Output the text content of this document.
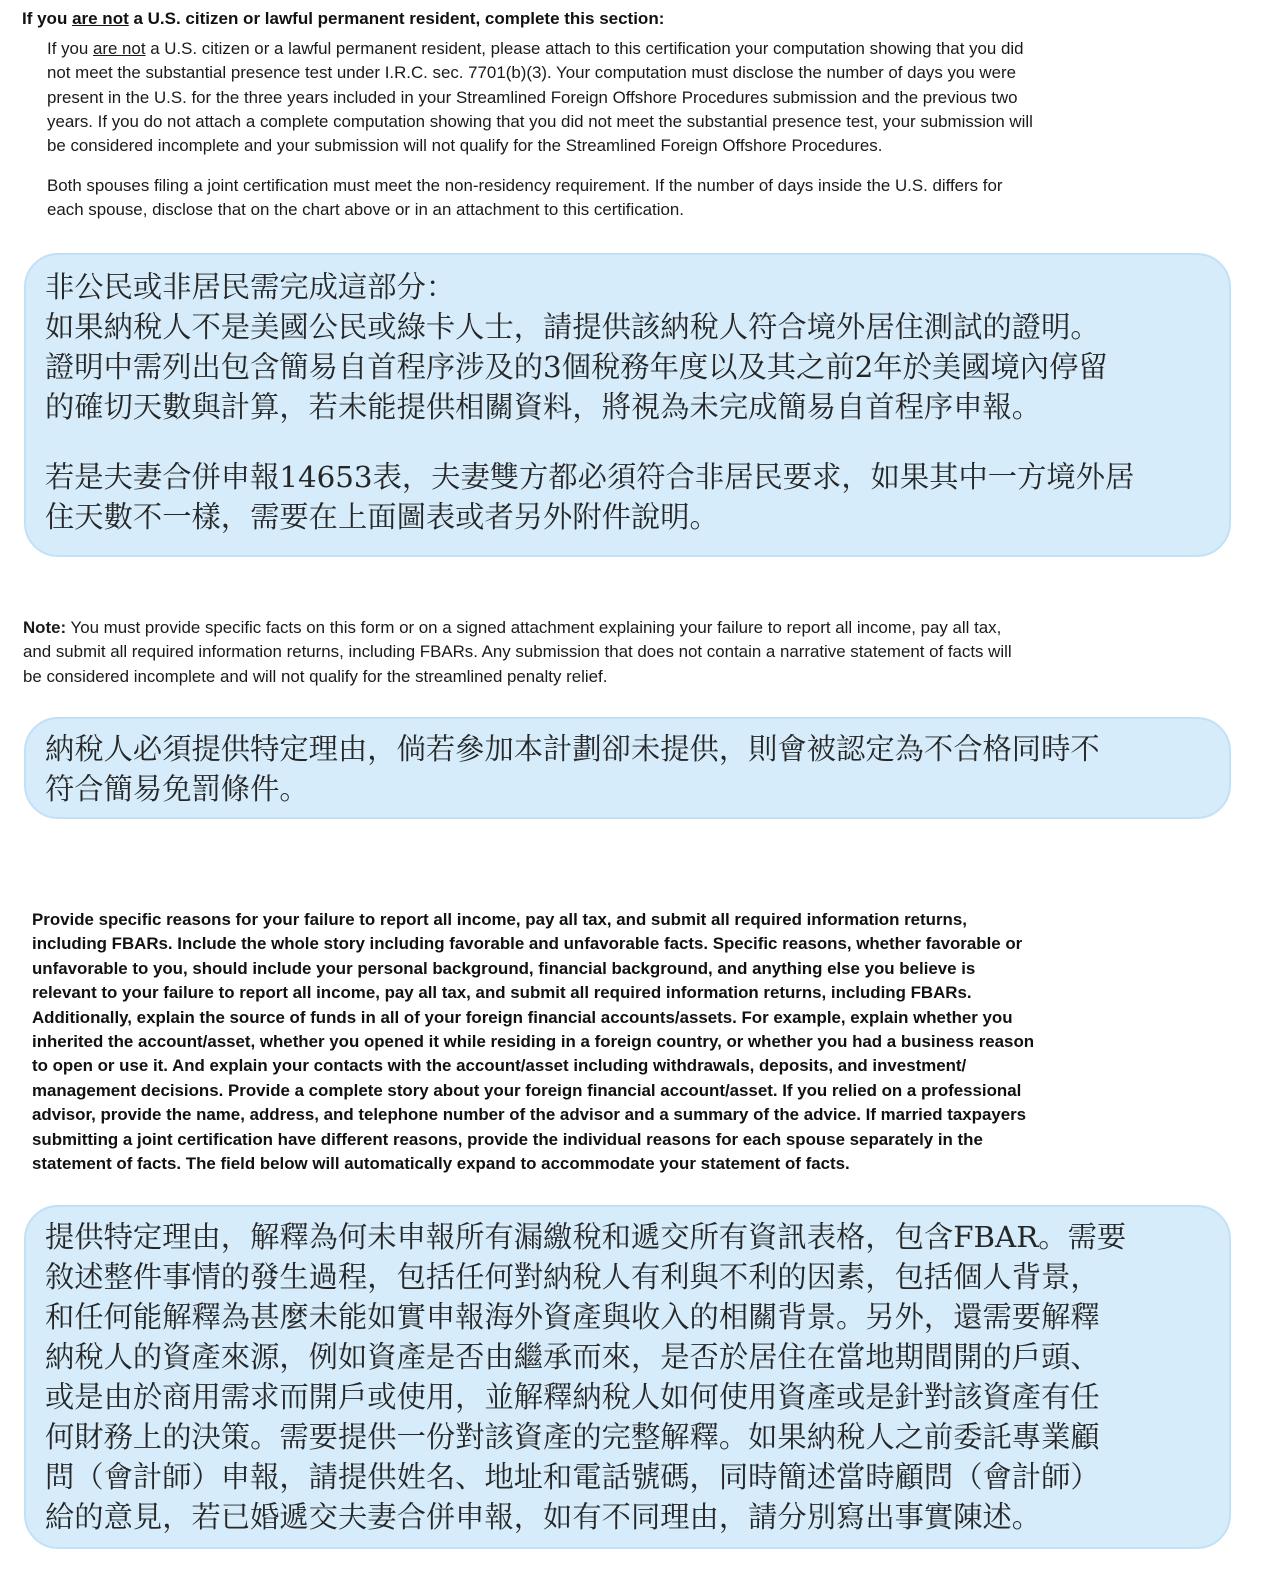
If you are not a U.S. citizen or lawful permanent resident, complete this section:
If you are not a U.S. citizen or a lawful permanent resident, please attach to this certification your computation showing that you did
not meet the substantial presence test under I.R.C. sec. 7701(b)(3). Your computation must disclose the number of days you were
present in the U.S. for the three years included in your Streamlined Foreign Offshore Procedures submission and the previous two
years. If you do not attach a complete computation showing that you did not meet the substantial presence test, your submission will
be considered incomplete and your submission will not qualify for the Streamlined Foreign Offshore Procedures.
Both spouses filing a joint certification must meet the non-residency requirement. If the number of days inside the U.S. differs for
each spouse, disclose that on the chart above or in an attachment to this certification.
非公民或非居民需完成這部分：
如果納稅人不是美國公民或綠卡人士，請提供該納稅人符合境外居住測試的證明。
證明中需列出包含簡易自首程序涉及的3個稅務年度以及其之前2年於美國境內停留
的確切天數與計算，若未能提供相關資料，將視為未完成簡易自首程序申報。
若是夫妻合併申報14653表，夫妻雙方都必須符合非居民要求，如果其中一方境外居
住天數不一樣，需要在上面圖表或者另外附件說明。
Note: You must provide specific facts on this form or on a signed attachment explaining your failure to report all income, pay all tax,
and submit all required information returns, including FBARs. Any submission that does not contain a narrative statement of facts will
be considered incomplete and will not qualify for the streamlined penalty relief.
納稅人必須提供特定理由，倘若參加本計劃卻未提供，則會被認定為不合格同時不
符合簡易免罰條件。
Provide specific reasons for your failure to report all income, pay all tax, and submit all required information returns,
including FBARs. Include the whole story including favorable and unfavorable facts. Specific reasons, whether favorable or
unfavorable to you, should include your personal background, financial background, and anything else you believe is
relevant to your failure to report all income, pay all tax, and submit all required information returns, including FBARs.
Additionally, explain the source of funds in all of your foreign financial accounts/assets. For example, explain whether you
inherited the account/asset, whether you opened it while residing in a foreign country, or whether you had a business reason
to open or use it. And explain your contacts with the account/asset including withdrawals, deposits, and investment/
management decisions. Provide a complete story about your foreign financial account/asset. If you relied on a professional
advisor, provide the name, address, and telephone number of the advisor and a summary of the advice. If married taxpayers
submitting a joint certification have different reasons, provide the individual reasons for each spouse separately in the
statement of facts. The field below will automatically expand to accommodate your statement of facts.
提供特定理由，解釋為何未申報所有漏繳稅和遞交所有資訊表格，包含FBAR。需要
敘述整件事情的發生過程，包括任何對納稅人有利與不利的因素，包括個人背景，
和任何能解釋為甚麼未能如實申報海外資產與收入的相關背景。另外，還需要解釋
納稅人的資產來源，例如資產是否由繼承而來，是否於居住在當地期間開的戶頭、
或是由於商用需求而開戶或使用，並解釋納稅人如何使用資產或是針對該資產有任
何財務上的決策。需要提供一份對該資產的完整解釋。如果納稅人之前委託專業顧
問（會計師）申報，請提供姓名、地址和電話號碼，同時簡述當時顧問（會計師）
給的意見，若已婚遞交夫妻合併申報，如有不同理由，請分別寫出事實陳述。
